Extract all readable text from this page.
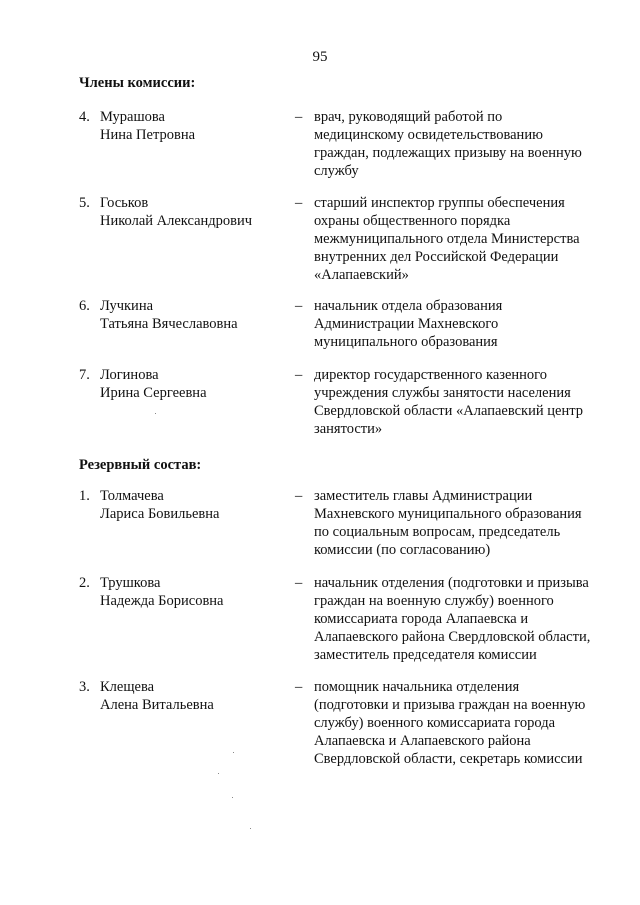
95
Члены комиссии:
4. Мурашова
Нина Петровна
– врач, руководящий работой по
медицинскому освидетельствованию
граждан, подлежащих призыву на военную
службу
5. Госьков
Николай Александрович
– старший инспектор группы обеспечения
охраны общественного порядка
межмуниципального отдела Министерства
внутренних дел Российской Федерации
«Алапаевский»
6. Лучкина
Татьяна Вячеславовна
– начальник отдела образования
Администрации Махневского
муниципального образования
7. Логинова
Ирина Сергеевна
– директор государственного казенного
учреждения службы занятости населения
Свердловской области «Алапаевский центр
занятости»
Резервный состав:
1. Толмачева
Лариса Бовильевна
– заместитель главы Администрации
Махневского муниципального образования
по социальным вопросам, председатель
комиссии (по согласованию)
2. Трушкова
Надежда Борисовна
– начальник отделения (подготовки и призыва
граждан на военную службу) военного
комиссариата города Алапаевска и
Алапаевского района Свердловской области,
заместитель председателя комиссии
3. Клещева
Алена Витальевна
– помощник начальника отделения
(подготовки и призыва граждан на военную
службу) военного комиссариата города
Алапаевска и Алапаевского района
Свердловской области, секретарь комиссии
